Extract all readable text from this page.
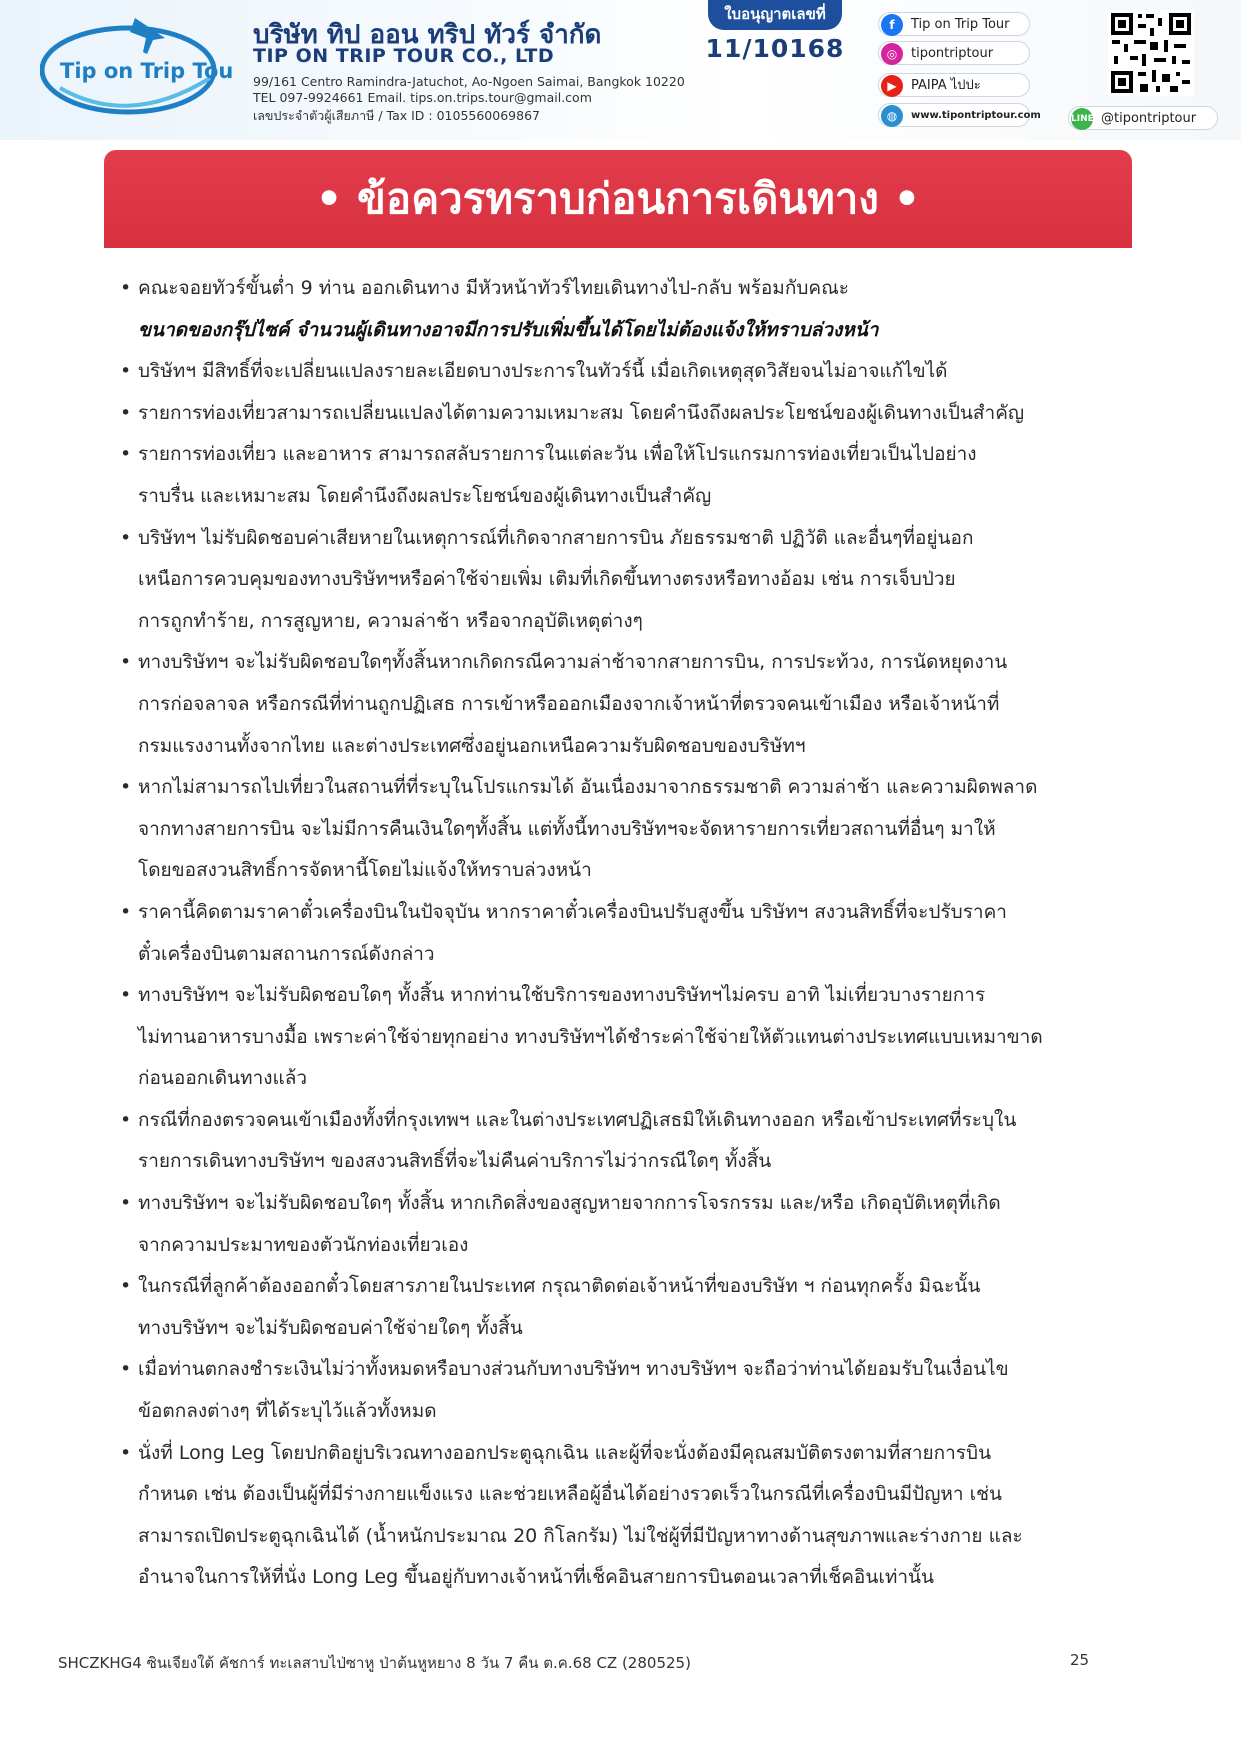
Tip on Trip Tour
บริษัท ทิป ออน ทริป ทัวร์ จำกัด
TIP ON TRIP TOUR CO., LTD
99/161 Centro Ramindra-Jatuchot, Ao-Ngoen Saimai, Bangkok 10220
TEL 097-9924661 Email. tips.on.trips.tour@gmail.com
เลขประจำตัวผู้เสียภาษี / Tax ID : 0105560069867
ใบอนุญาตเลขที่
11/10168
f	Tip on Trip Tour
◎	tipontriptour
▶	PAIPA ไปปะ
◍	www.tipontriptour.com	LINE @tipontriptour
• ข้อควรทราบก่อนการเดินทาง •
• คณะจอยทัวร์ขั้นต่ำ 9 ท่าน ออกเดินทาง มีหัวหน้าทัวร์ไทยเดินทางไป-กลับ พร้อมกับคณะ
ขนาดของกรุ๊ปไซค์ จำนวนผู้เดินทางอาจมีการปรับเพิ่มขึ้นได้โดยไม่ต้องแจ้งให้ทราบล่วงหน้า
• บริษัทฯ มีสิทธิ์ที่จะเปลี่ยนแปลงรายละเอียดบางประการในทัวร์นี้ เมื่อเกิดเหตุสุดวิสัยจนไม่อาจแก้ไขได้
• รายการท่องเที่ยวสามารถเปลี่ยนแปลงได้ตามความเหมาะสม โดยคำนึงถึงผลประโยชน์ของผู้เดินทางเป็นสำคัญ
• รายการท่องเที่ยว และอาหาร สามารถสลับรายการในแต่ละวัน เพื่อให้โปรแกรมการท่องเที่ยวเป็นไปอย่าง
ราบรื่น และเหมาะสม โดยคำนึงถึงผลประโยชน์ของผู้เดินทางเป็นสำคัญ
• บริษัทฯ ไม่รับผิดชอบค่าเสียหายในเหตุการณ์ที่เกิดจากสายการบิน ภัยธรรมชาติ ปฏิวัติ และอื่นๆที่อยู่นอก
เหนือการควบคุมของทางบริษัทฯหรือค่าใช้จ่ายเพิ่ม เติมที่เกิดขึ้นทางตรงหรือทางอ้อม เช่น การเจ็บป่วย
การถูกทำร้าย, การสูญหาย, ความล่าช้า หรือจากอุบัติเหตุต่างๆ
• ทางบริษัทฯ จะไม่รับผิดชอบใดๆทั้งสิ้นหากเกิดกรณีความล่าช้าจากสายการบิน, การประท้วง, การนัดหยุดงาน
การก่อจลาจล หรือกรณีที่ท่านถูกปฏิเสธ การเข้าหรือออกเมืองจากเจ้าหน้าที่ตรวจคนเข้าเมือง หรือเจ้าหน้าที่
กรมแรงงานทั้งจากไทย และต่างประเทศซึ่งอยู่นอกเหนือความรับผิดชอบของบริษัทฯ
• หากไม่สามารถไปเที่ยวในสถานที่ที่ระบุในโปรแกรมได้ อันเนื่องมาจากธรรมชาติ ความล่าช้า และความผิดพลาด
จากทางสายการบิน จะไม่มีการคืนเงินใดๆทั้งสิ้น แต่ทั้งนี้ทางบริษัทฯจะจัดหารายการเที่ยวสถานที่อื่นๆ มาให้
โดยขอสงวนสิทธิ์การจัดหานี้โดยไม่แจ้งให้ทราบล่วงหน้า
• ราคานี้คิดตามราคาตั๋วเครื่องบินในปัจจุบัน หากราคาตั๋วเครื่องบินปรับสูงขึ้น บริษัทฯ สงวนสิทธิ์ที่จะปรับราคา
ตั๋วเครื่องบินตามสถานการณ์ดังกล่าว
• ทางบริษัทฯ จะไม่รับผิดชอบใดๆ ทั้งสิ้น หากท่านใช้บริการของทางบริษัทฯไม่ครบ อาทิ ไม่เที่ยวบางรายการ
ไม่ทานอาหารบางมื้อ เพราะค่าใช้จ่ายทุกอย่าง ทางบริษัทฯได้ชำระค่าใช้จ่ายให้ตัวแทนต่างประเทศแบบเหมาขาด
ก่อนออกเดินทางแล้ว
• กรณีที่กองตรวจคนเข้าเมืองทั้งที่กรุงเทพฯ และในต่างประเทศปฏิเสธมิให้เดินทางออก หรือเข้าประเทศที่ระบุใน
รายการเดินทางบริษัทฯ ของสงวนสิทธิ์ที่จะไม่คืนค่าบริการไม่ว่ากรณีใดๆ ทั้งสิ้น
• ทางบริษัทฯ จะไม่รับผิดชอบใดๆ ทั้งสิ้น หากเกิดสิ่งของสูญหายจากการโจรกรรม และ/หรือ เกิดอุบัติเหตุที่เกิด
จากความประมาทของตัวนักท่องเที่ยวเอง
• ในกรณีที่ลูกค้าต้องออกตั๋วโดยสารภายในประเทศ กรุณาติดต่อเจ้าหน้าที่ของบริษัท ฯ ก่อนทุกครั้ง มิฉะนั้น
ทางบริษัทฯ จะไม่รับผิดชอบค่าใช้จ่ายใดๆ ทั้งสิ้น
• เมื่อท่านตกลงชำระเงินไม่ว่าทั้งหมดหรือบางส่วนกับทางบริษัทฯ ทางบริษัทฯ จะถือว่าท่านได้ยอมรับในเงื่อนไข
ข้อตกลงต่างๆ ที่ได้ระบุไว้แล้วทั้งหมด
• นั่งที่ Long Leg โดยปกติอยู่บริเวณทางออกประตูฉุกเฉิน และผู้ที่จะนั่งต้องมีคุณสมบัติตรงตามที่สายการบิน
กำหนด เช่น ต้องเป็นผู้ที่มีร่างกายแข็งแรง และช่วยเหลือผู้อื่นได้อย่างรวดเร็วในกรณีที่เครื่องบินมีปัญหา เช่น
สามารถเปิดประตูฉุกเฉินได้ (น้ำหนักประมาณ 20 กิโลกรัม) ไม่ใช่ผู้ที่มีปัญหาทางด้านสุขภาพและร่างกาย และ
อำนาจในการให้ที่นั่ง Long Leg ขึ้นอยู่กับทางเจ้าหน้าที่เช็คอินสายการบินตอนเวลาที่เช็คอินเท่านั้น
SHCZKHG4 ซินเจียงใต้ คัชการ์ ทะเลสาบไป่ซาหู ป่าต้นหูหยาง 8 วัน 7 คืน ต.ค.68 CZ (280525)	25
